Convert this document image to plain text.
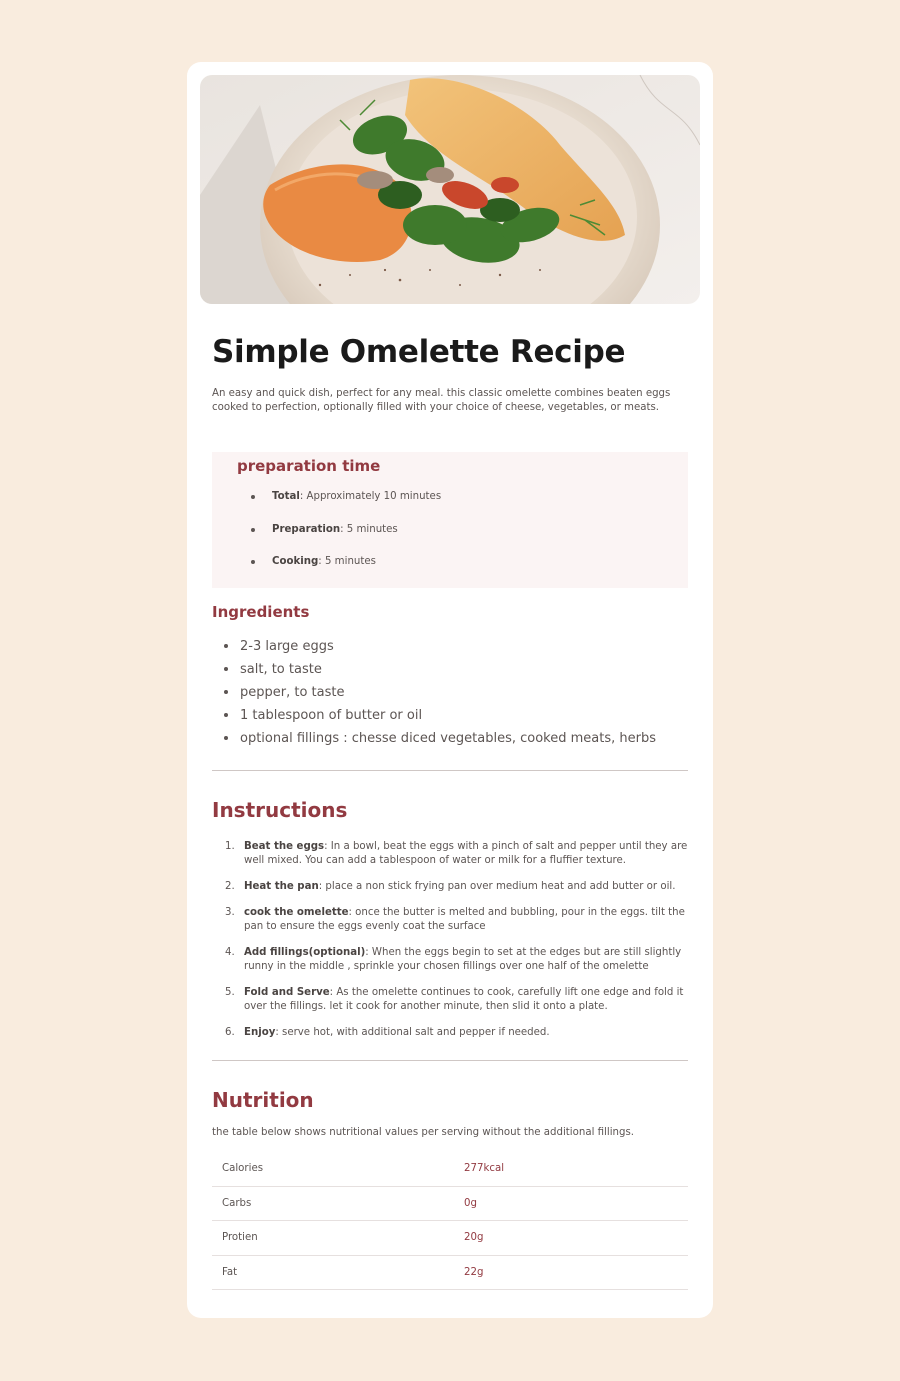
Simple Omelette Recipe

An easy and quick dish, perfect for any meal. this classic omelette combines beaten eggs cooked to perfection, optionally filled with your choice of cheese, vegetables, or meats.

preparation time
Total: Approximately 10 minutes
Preparation: 5 minutes
Cooking: 5 minutes
Ingredients
2-3 large eggs
salt, to taste
pepper, to taste
1 tablespoon of butter or oil
optional fillings : chesse diced vegetables, cooked meats, herbs
Instructions
1. Beat the eggs: In a bowl, beat the eggs with a pinch of salt and pepper until they are well mixed. You can add a tablespoon of water or milk for a fluffier texture.
2. Heat the pan: place a non stick frying pan over medium heat and add butter or oil.
3. cook the omelette: once the butter is melted and bubbling, pour in the eggs. tilt the pan to ensure the eggs evenly coat the surface
4. Add fillings(optional): When the eggs begin to set at the edges but are still slightly runny in the middle , sprinkle your chosen fillings over one half of the omelette
5. Fold and Serve: As the omelette continues to cook, carefully lift one edge and fold it over the fillings. let it cook for another minute, then slid it onto a plate.
6. Enjoy: serve hot, with additional salt and pepper if needed.
Nutrition

the table below shows nutritional values per serving without the additional fillings.

Calories	277kcal
Carbs	0g
Protien	20g
Fat	22g
